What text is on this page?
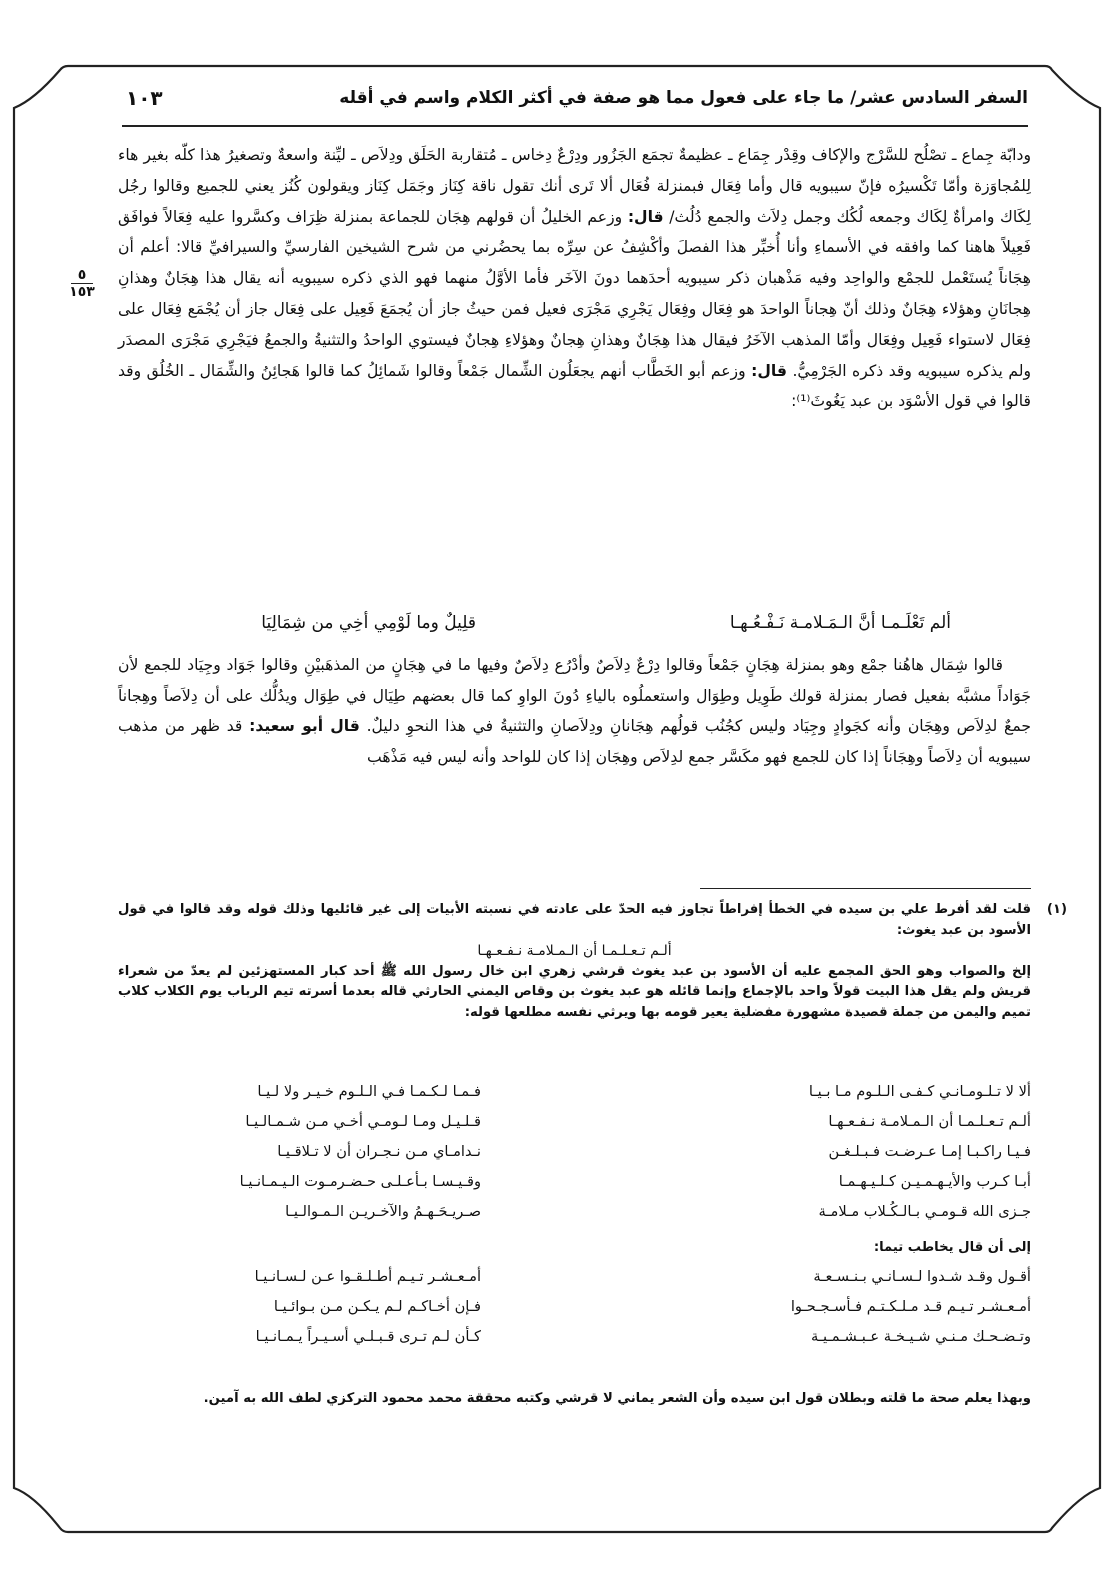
السفر السادس عشر/ ما جاء على فعول مما هو صفة في أكثر الكلام واسم في أقله
١٠٣
٥
١٥٣

ودابّة جِماع ـ تصْلُح للسَّرْج والإكاف وقِدْر جِمَاع ـ عظيمةٌ تجمَع الجَزُور ودِرْعٌ دِخاس ـ مُتقاربة الحَلَق ودِلاَص ـ ليِّنة واسعةٌ وتصغيرُ هذا كلّه بغير هاء لِلمُجاوَزة وأمّا تَكْسيرُه فإنّ سيبويه قال وأما فِعَال فبمنزلة فُعَال ألا تَرى أنك تقول ناقة كِنَاز وجَمَل كِنَاز ويقولون كُنُز يعني للجميع وقالوا رجُل لِكَاك وامرأةٌ لِكَاك وجمعه لُكُك وجمل دِلاَث والجمع دُلُث/ قال: وزعم الخليلُ أن قولهم هِجَان للجماعة بمنزلة ظِرَاف وكسَّروا عليه فِعَالاً فوافَق فَعِيلاً هاهنا كما وافقه في الأسماءِ وأنا أُخبِّر هذا الفصلَ وأكْشِفُ عن سِرِّه بما يحضُرني من شرح الشيخين الفارسيِّ والسيرافيِّ قالا: أعلم أن هِجَاناً يُستَعْمل للجمْع والواحِد وفيه مَذْهبان ذكر سيبويه أحدَهما دونَ الآخَر فأما الأوَّلُ منهما فهو الذي ذكره سيبويه أنه يقال هذا هِجَانٌ وهذانِ هِجانَانِ وهؤلاء هِجَانٌ وذلك أنّ هِجاناً الواحدَ هو فِعَال وفِعَال يَجْرِي مَجْرَى فعيل فمن حيثُ جاز أن يُجمَعَ فَعِيل على فِعَال جاز أن يُجْمَع فِعَال على فِعَال لاستواء فَعِيل وفِعَال وأمّا المذهب الآخَرُ فيقال هذا هِجَانٌ وهذانِ هِجانٌ وهؤلاءِ هِجانٌ فيستوي الواحدُ والتثنيةُ والجمعُ فيَجْرِي مَجْرَى المصدَر ولم يذكره سيبويه وقد ذكره الجَرْمِيُّ. قال: وزعم أبو الخَطَّاب أنهم يجعَلُون الشِّمال جَمْعاً وقالوا شَمائِلُ كما قالوا هَجائِنُ والشِّمَال ـ الخُلُق وقد قالوا في قول الأسْوَد بن عبد يَغُوثَ⁽¹⁾:

ألم تَعْلَـمـا أنَّ الـمَـلامـة نَـفْـعُـهـا
قلِيلٌ وما لَوْمِي أخِي من شِمَالِيَا
قالوا شِمَال هاهُنا جمْع وهو بمنزلة هِجَانٍ جَمْعاً وقالوا دِرْعٌ دِلاَصٌ وأدْرُع دِلاَصٌ وفيها ما في هِجَانٍ من المذهَبيْنِ وقالوا جَوَاد وجِيَاد للجمع لأن جَوَاداً مشبَّه بفعيل فصار بمنزلة قولك طَوِيل وطِوَال واستعملُوه بالياءِ دُونَ الواوِ كما قال بعضهم طِيَال في طِوَال ويدُلُّك على أن دِلاَصاً وهِجاناً جمعٌ لدِلاَص وهِجَان وأنه كجَوادٍ وجِيَاد وليس كجُنُب قولُهم هِجَانانِ ودِلاَصانِ والتثنيةُ في هذا النحوِ دليلٌ. قال أبو سعيد: قد ظهر من مذهب سيبويه أن دِلاَصاً وهِجَاناً إذا كان للجمع فهو مكَسَّر جمع لدِلاَص وهِجَان إذا كان للواحد وأنه ليس فيه مَذْهَب
(١)
قلت لقد أفرط علي بن سيده في الخطأ إفراطاً تجاوز فيه الحدّ على عادته في نسبته الأبيات إلى غير قائليها وذلك قوله وقد قالوا في قول الأسود بن عبد يغوث:
ألـم تـعـلـمـا أن الـمـلامـة نـفـعـهـا
إلخ والصواب وهو الحق المجمع عليه أن الأسود بن عبد يغوث قرشي زهري ابن خال رسول الله ﷺ أحد كبار المستهزئين لم يعدّ من شعراء قريش ولم يقل هذا البيت قولاً واحد بالإجماع وإنما قائله هو عبد يغوث بن وقاص اليمني الحارثي قاله بعدما أسرته تيم الرباب يوم الكلاب كلاب تميم واليمن من جملة قصيدة مشهورة مفضلية يعير قومه بها ويرثي نفسه مطلعها قوله:
ألا لا تـلـومـانـي كـفـى الـلـوم مـا بـيـا
فـمـا لـكـمـا فـي الـلـوم خـيـر ولا لـيـا
ألـم تـعـلـمـا أن الـمـلامـة نـفـعـهـا
قـلـيـل ومـا لـومـي أخـي مـن شـمـالـيـا
فـيـا راكـبـا إمـا عـرضـت فـبـلـغـن
نـدامـاي مـن نـجـران أن لا تـلاقـيـا
أبـا كـرب والأيـهـمـيـن كـلـيـهـمـا
وقـيـسـا بـأعـلـى حـضـرمـوت الـيـمـانـيـا
جـزى الله قـومـي بـالـكُـلاب مـلامـة
صـريـحَـهـمُ والآخـريـن الـمـوالـيـا
إلى أن قال يخاطب تيما:
أقـول وقـد شـدوا لـسـانـي بـنـسـعـة
أمـعـشـر تـيـم أطـلـقـوا عـن لـسـانـيـا
أمـعـشـر تـيـم قـد مـلـكـتـم فـأسـجـحـوا
فـإن أخـاكـم لـم يـكـن مـن بـوائـيـا
وتـضـحـك مـنـي شـيـخـة عـبـشـمـيـة
كـأن لـم تـرى قـبـلـي أسـيـراً يـمـانـيـا
وبهذا يعلم صحة ما قلته وبطلان قول ابن سيده وأن الشعر يماني لا قرشي وكتبه محققة محمد محمود التركزي لطف الله به آمين.
